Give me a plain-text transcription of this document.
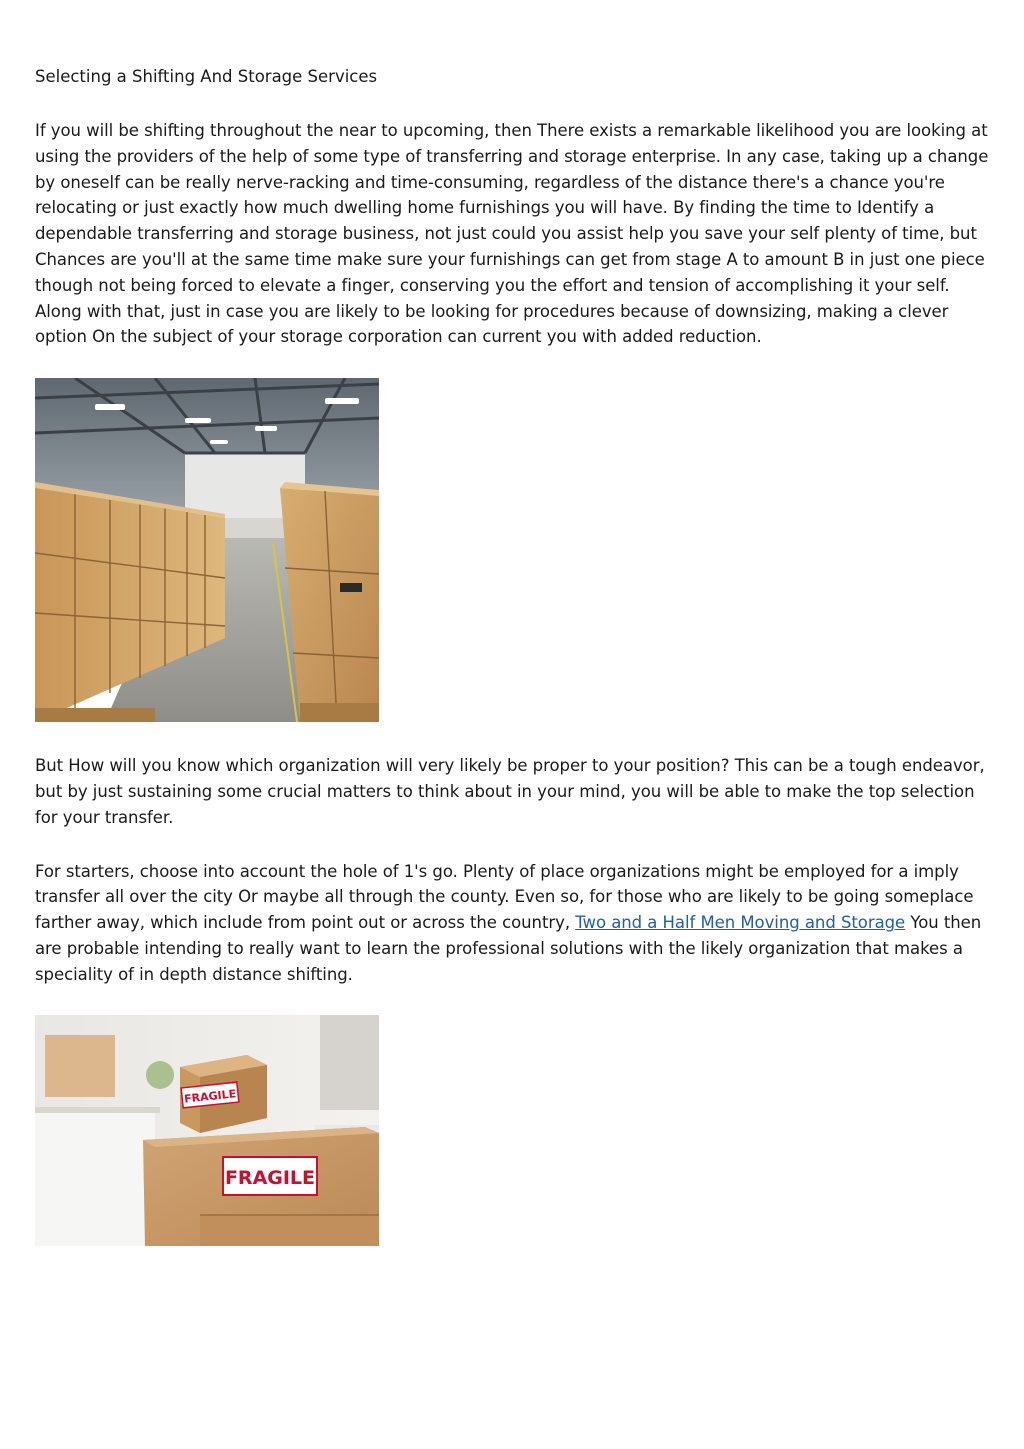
Selecting a Shifting And Storage Services

If you will be shifting throughout the near to upcoming, then There exists a remarkable likelihood you are looking at using the providers of the help of some type of transferring and storage enterprise. In any case, taking up a change by oneself can be really nerve-racking and time-consuming, regardless of the distance there's a chance you're relocating or just exactly how much dwelling home furnishings you will have. By finding the time to Identify a dependable transferring and storage business, not just could you assist help you save your self plenty of time, but Chances are you'll at the same time make sure your furnishings can get from stage A to amount B in just one piece though not being forced to elevate a finger, conserving you the effort and tension of accomplishing it your self. Along with that, just in case you are likely to be looking for procedures because of downsizing, making a clever option On the subject of your storage corporation can current you with added reduction.

But How will you know which organization will very likely be proper to your position? This can be a tough endeavor, but by just sustaining some crucial matters to think about in your mind, you will be able to make the top selection for your transfer.

For starters, choose into account the hole of 1's go. Plenty of place organizations might be employed for a imply transfer all over the city Or maybe all through the county. Even so, for those who are likely to be going someplace farther away, which include from point out or across the country, Two and a Half Men Moving and Storage You then are probable intending to really want to learn the professional solutions with the likely organization that makes a speciality of in depth distance shifting.

FRAGILE
FRAGILE
